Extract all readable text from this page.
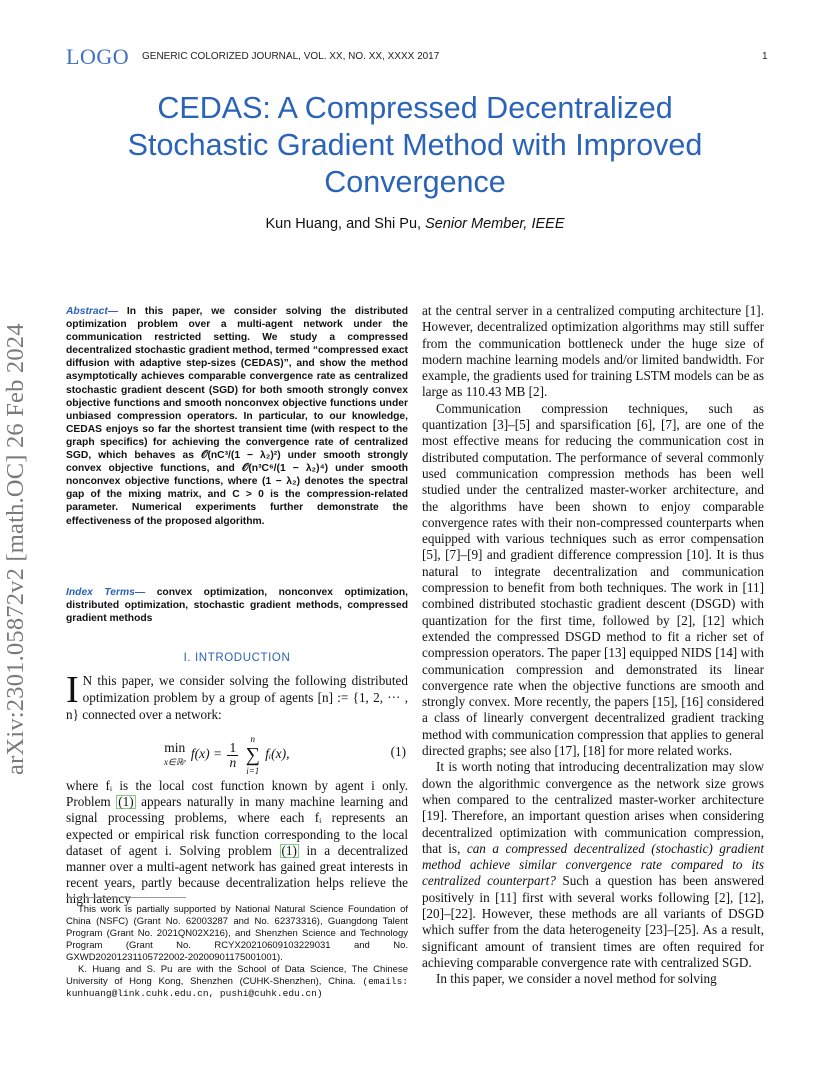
LOGO GENERIC COLORIZED JOURNAL, VOL. XX, NO. XX, XXXX 2017	1
CEDAS: A Compressed Decentralized
Stochastic Gradient Method with Improved
Convergence
Kun Huang, and Shi Pu, Senior Member, IEEE
arXiv:2301.05872v2 [math.OC] 26 Feb 2024
Abstract— In this paper, we consider solving the distributed optimization problem over a multi-agent network under the communication restricted setting. We study a compressed decentralized stochastic gradient method, termed “compressed exact diffusion with adaptive step-sizes (CEDAS)”, and show the method asymptotically achieves comparable convergence rate as centralized stochastic gradient descent (SGD) for both smooth strongly convex objective functions and smooth nonconvex objective functions under unbiased compression operators. In particular, to our knowledge, CEDAS enjoys so far the shortest transient time (with respect to the graph specifics) for achieving the convergence rate of centralized SGD, which behaves as 𝒪(nC³/(1 − λ₂)²) under smooth strongly convex objective functions, and 𝒪(n³C⁶/(1 − λ₂)⁴) under smooth nonconvex objective functions, where (1 − λ₂) denotes the spectral gap of the mixing matrix, and C > 0 is the compression-related parameter. Numerical experiments further demonstrate the effectiveness of the proposed algorithm.
Index Terms— convex optimization, nonconvex optimization, distributed optimization, stochastic gradient methods, compressed gradient methods
I. INTRODUCTION
I N this paper, we consider solving the following distributed optimization problem by a group of agents [n] := {1, 2, ··· , n} connected over a network:
min
x∈ℝᵖ
$f(x) = \frac{1}{n}$

n
∑
i=1
fᵢ(x),	(1)
where fᵢ is the local cost function known by agent i only. Problem (1) appears naturally in many machine learning and signal processing problems, where each fᵢ represents an expected or empirical risk function corresponding to the local dataset of agent i. Solving problem (1) in a decentralized manner over a multi-agent network has gained great interests in recent years, partly because decentralization helps relieve the high latency

This work is partially supported by National Natural Science Foundation of China (NSFC) (Grant No. 62003287 and No. 62373316), Guangdong Talent Program (Grant No. 2021QN02X216), and Shenzhen Science and Technology Program (Grant No. RCYX20210609103229031 and No. GXWD20201231105722002-20200901175001001).

K. Huang and S. Pu are with the School of Data Science, The Chinese University of Hong Kong, Shenzhen (CUHK-Shenzhen), China. (emails: kunhuang@link.cuhk.edu.cn, pushi@cuhk.edu.cn)

at the central server in a centralized computing architecture [1]. However, decentralized optimization algorithms may still suffer from the communication bottleneck under the huge size of modern machine learning models and/or limited bandwidth. For example, the gradients used for training LSTM models can be as large as 110.43 MB [2].

Communication compression techniques, such as quantization [3]–[5] and sparsification [6], [7], are one of the most effective means for reducing the communication cost in distributed computation. The performance of several commonly used communication compression methods has been well studied under the centralized master-worker architecture, and the algorithms have been shown to enjoy comparable convergence rates with their non-compressed counterparts when equipped with various techniques such as error compensation [5], [7]–[9] and gradient difference compression [10]. It is thus natural to integrate decentralization and communication compression to benefit from both techniques. The work in [11] combined distributed stochastic gradient descent (DSGD) with quantization for the first time, followed by [2], [12] which extended the compressed DSGD method to fit a richer set of compression operators. The paper [13] equipped NIDS [14] with communication compression and demonstrated its linear convergence rate when the objective functions are smooth and strongly convex. More recently, the papers [15], [16] considered a class of linearly convergent decentralized gradient tracking method with communication compression that applies to general directed graphs; see also [17], [18] for more related works.

It is worth noting that introducing decentralization may slow down the algorithmic convergence as the network size grows when compared to the centralized master-worker architecture [19]. Therefore, an important question arises when considering decentralized optimization with communication compression, that is, can a compressed decentralized (stochastic) gradient method achieve similar convergence rate compared to its centralized counterpart? Such a question has been answered positively in [11] first with several works following [2], [12], [20]–[22]. However, these methods are all variants of DSGD which suffer from the data heterogeneity [23]–[25]. As a result, significant amount of transient times are often required for achieving comparable convergence rate with centralized SGD.

In this paper, we consider a novel method for solving
